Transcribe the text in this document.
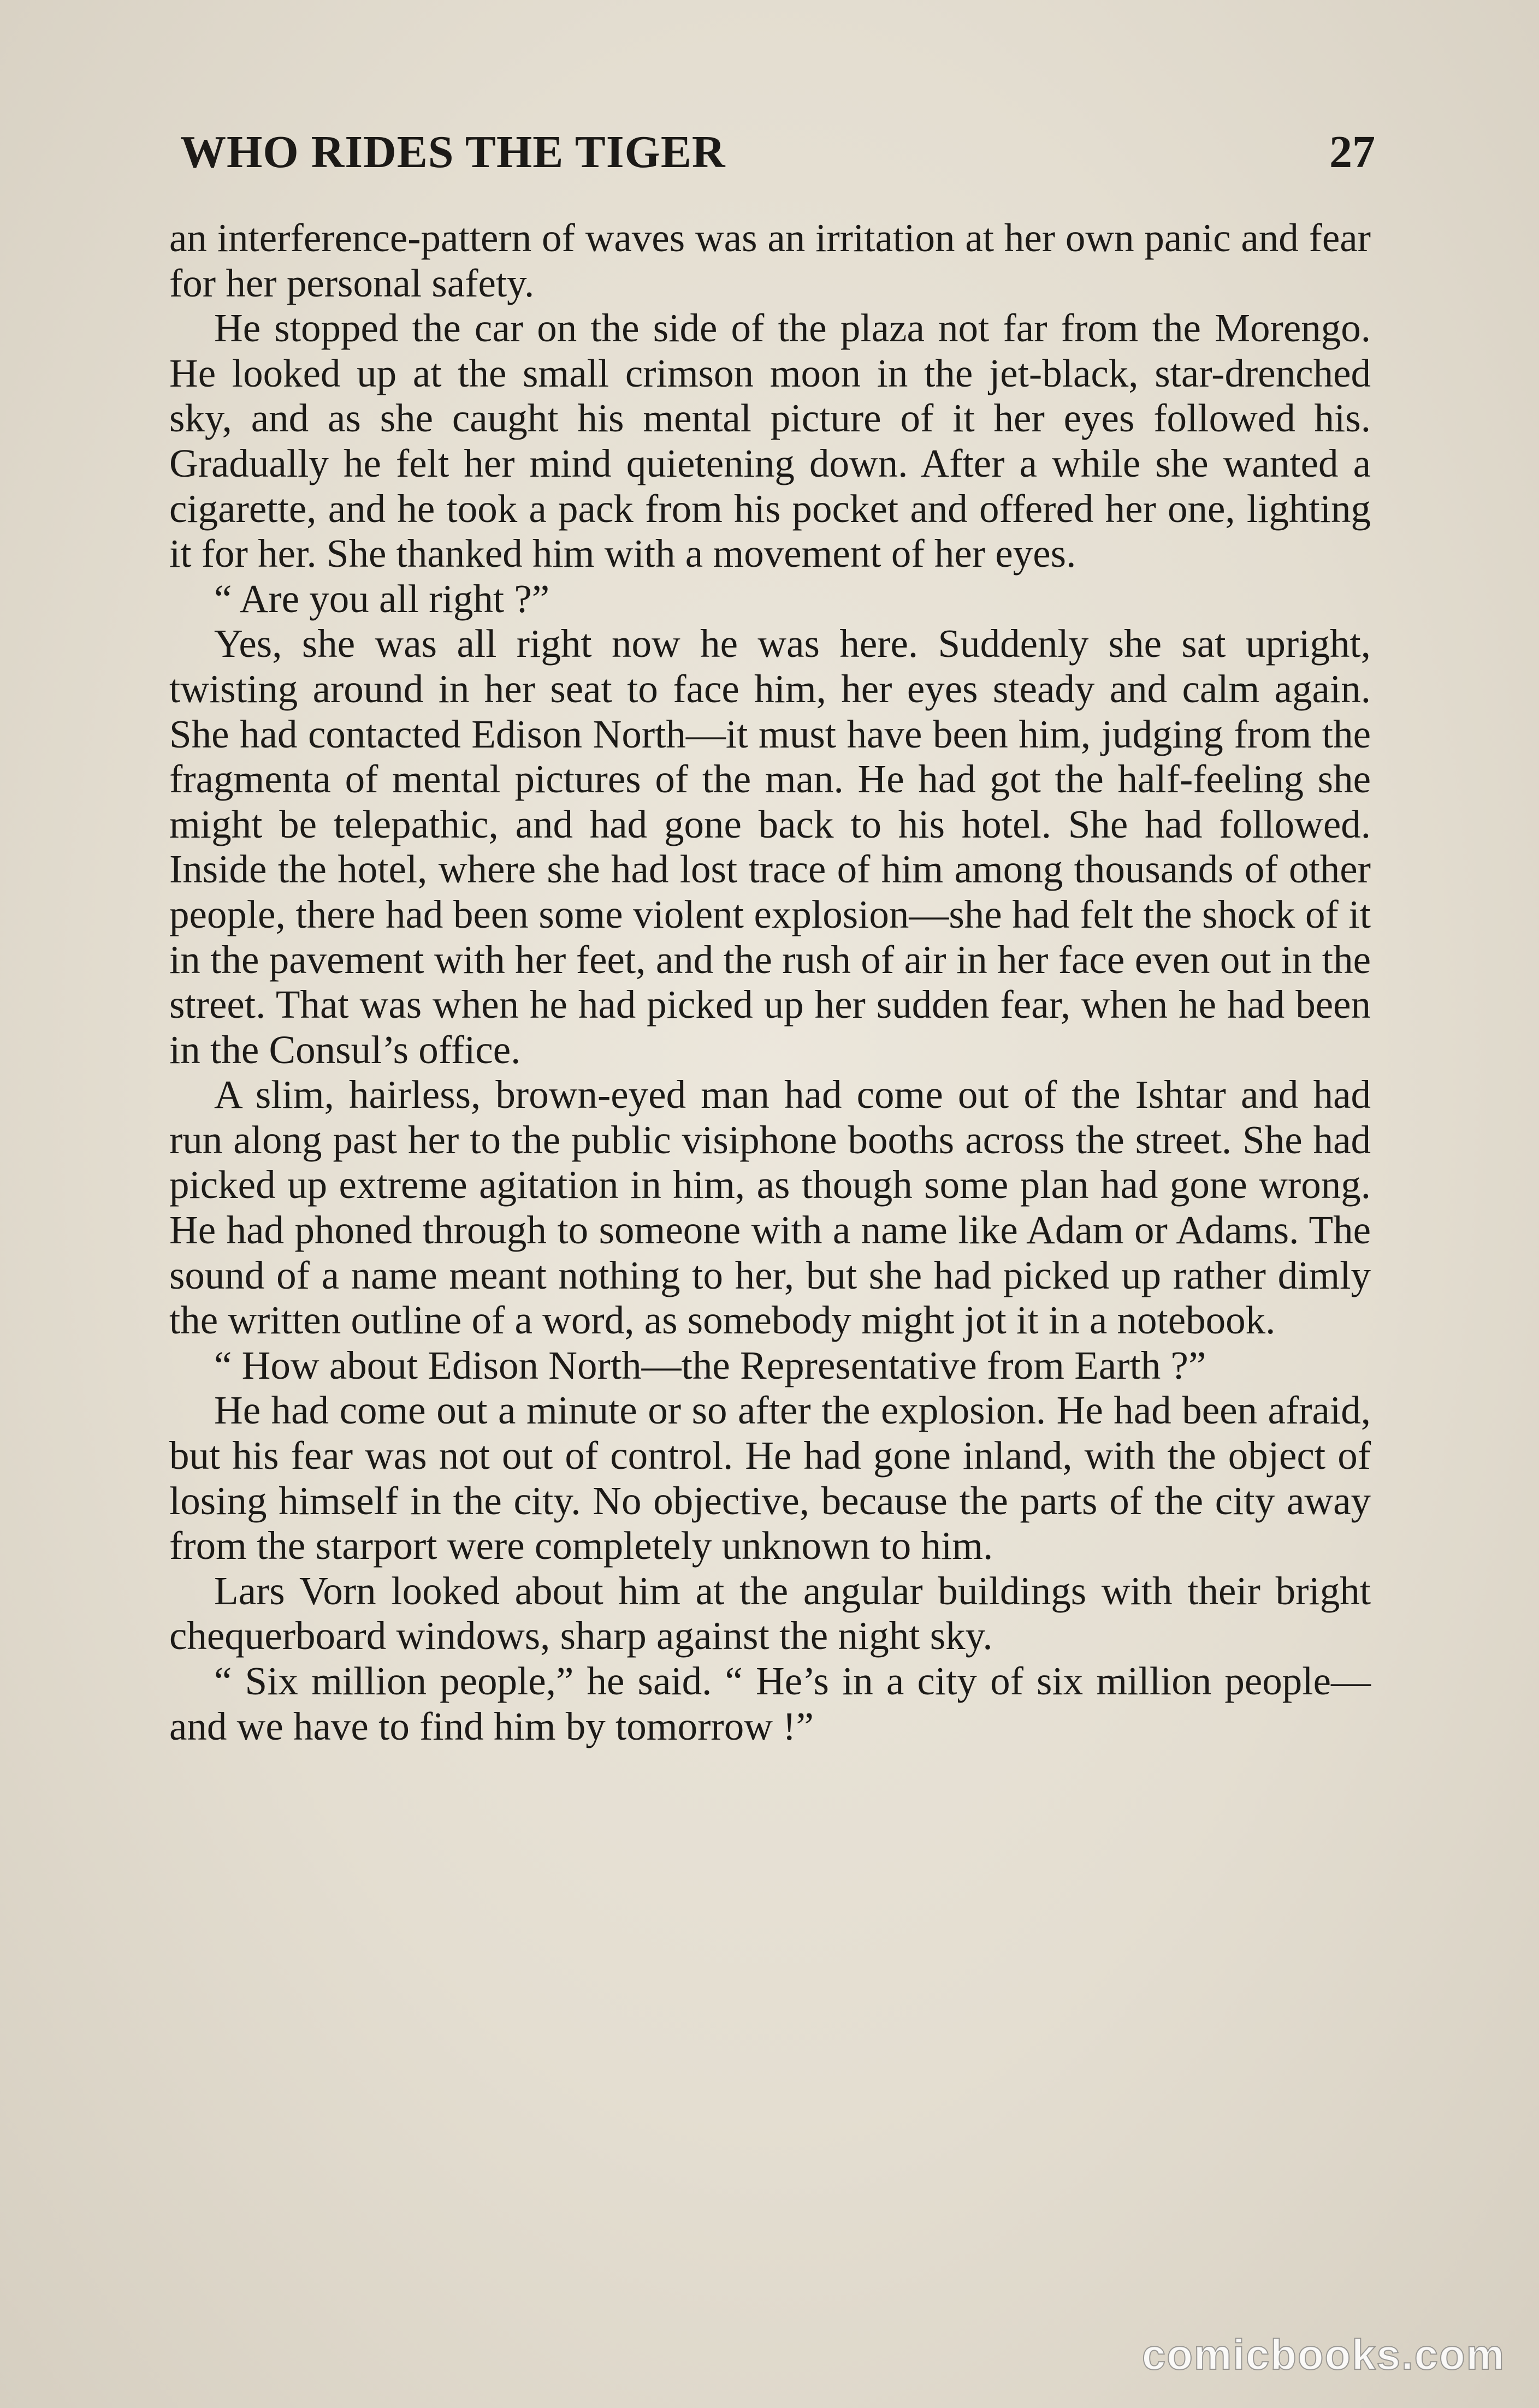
WHO RIDES THE TIGER	27

an interference-pattern of waves was an irritation at her own panic and fear for her personal safety.

He stopped the car on the side of the plaza not far from the Morengo. He looked up at the small crimson moon in the jet-black, star-drenched sky, and as she caught his mental picture of it her eyes followed his. Gradually he felt her mind quietening down. After a while she wanted a cigarette, and he took a pack from his pocket and offered her one, lighting it for her. She thanked him with a movement of her eyes.

“ Are you all right ?”

Yes, she was all right now he was here. Suddenly she sat upright, twisting around in her seat to face him, her eyes steady and calm again. She had contacted Edison North—it must have been him, judging from the fragmenta of mental pictures of the man. He had got the half-feeling she might be telepathic, and had gone back to his hotel. She had followed. Inside the hotel, where she had lost trace of him among thousands of other people, there had been some violent explosion—she had felt the shock of it in the pavement with her feet, and the rush of air in her face even out in the street. That was when he had picked up her sudden fear, when he had been in the Consul’s office.

A slim, hairless, brown-eyed man had come out of the Ishtar and had run along past her to the public visiphone booths across the street. She had picked up extreme agitation in him, as though some plan had gone wrong. He had phoned through to someone with a name like Adam or Adams. The sound of a name meant nothing to her, but she had picked up rather dimly the written outline of a word, as somebody might jot it in a notebook.

“ How about Edison North—the Representative from Earth ?”

He had come out a minute or so after the explosion. He had been afraid, but his fear was not out of control. He had gone inland, with the object of losing himself in the city. No objective, because the parts of the city away from the starport were completely unknown to him.

Lars Vorn looked about him at the angular buildings with their bright chequerboard windows, sharp against the night sky.

“ Six million people,” he said. “ He’s in a city of six million people—and we have to find him by tomorrow !”

comicbooks.com
